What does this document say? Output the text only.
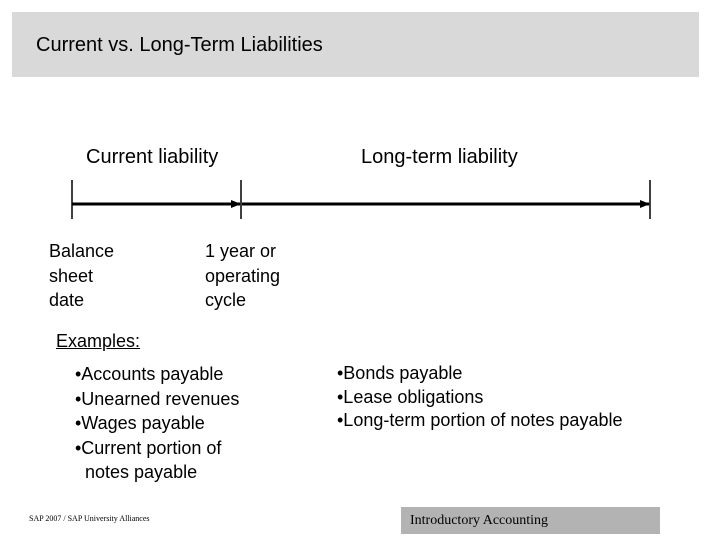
Current vs. Long-Term Liabilities
Current liability	Long-term liability
Balance
sheet
date
1 year or
operating
cycle
Examples:
•Accounts payable
•Unearned revenues
•Wages payable
•Current portion of
notes payable
•Bonds payable
•Lease obligations
•Long-term portion of notes payable
SAP 2007 / SAP University Alliances	Introductory Accounting
